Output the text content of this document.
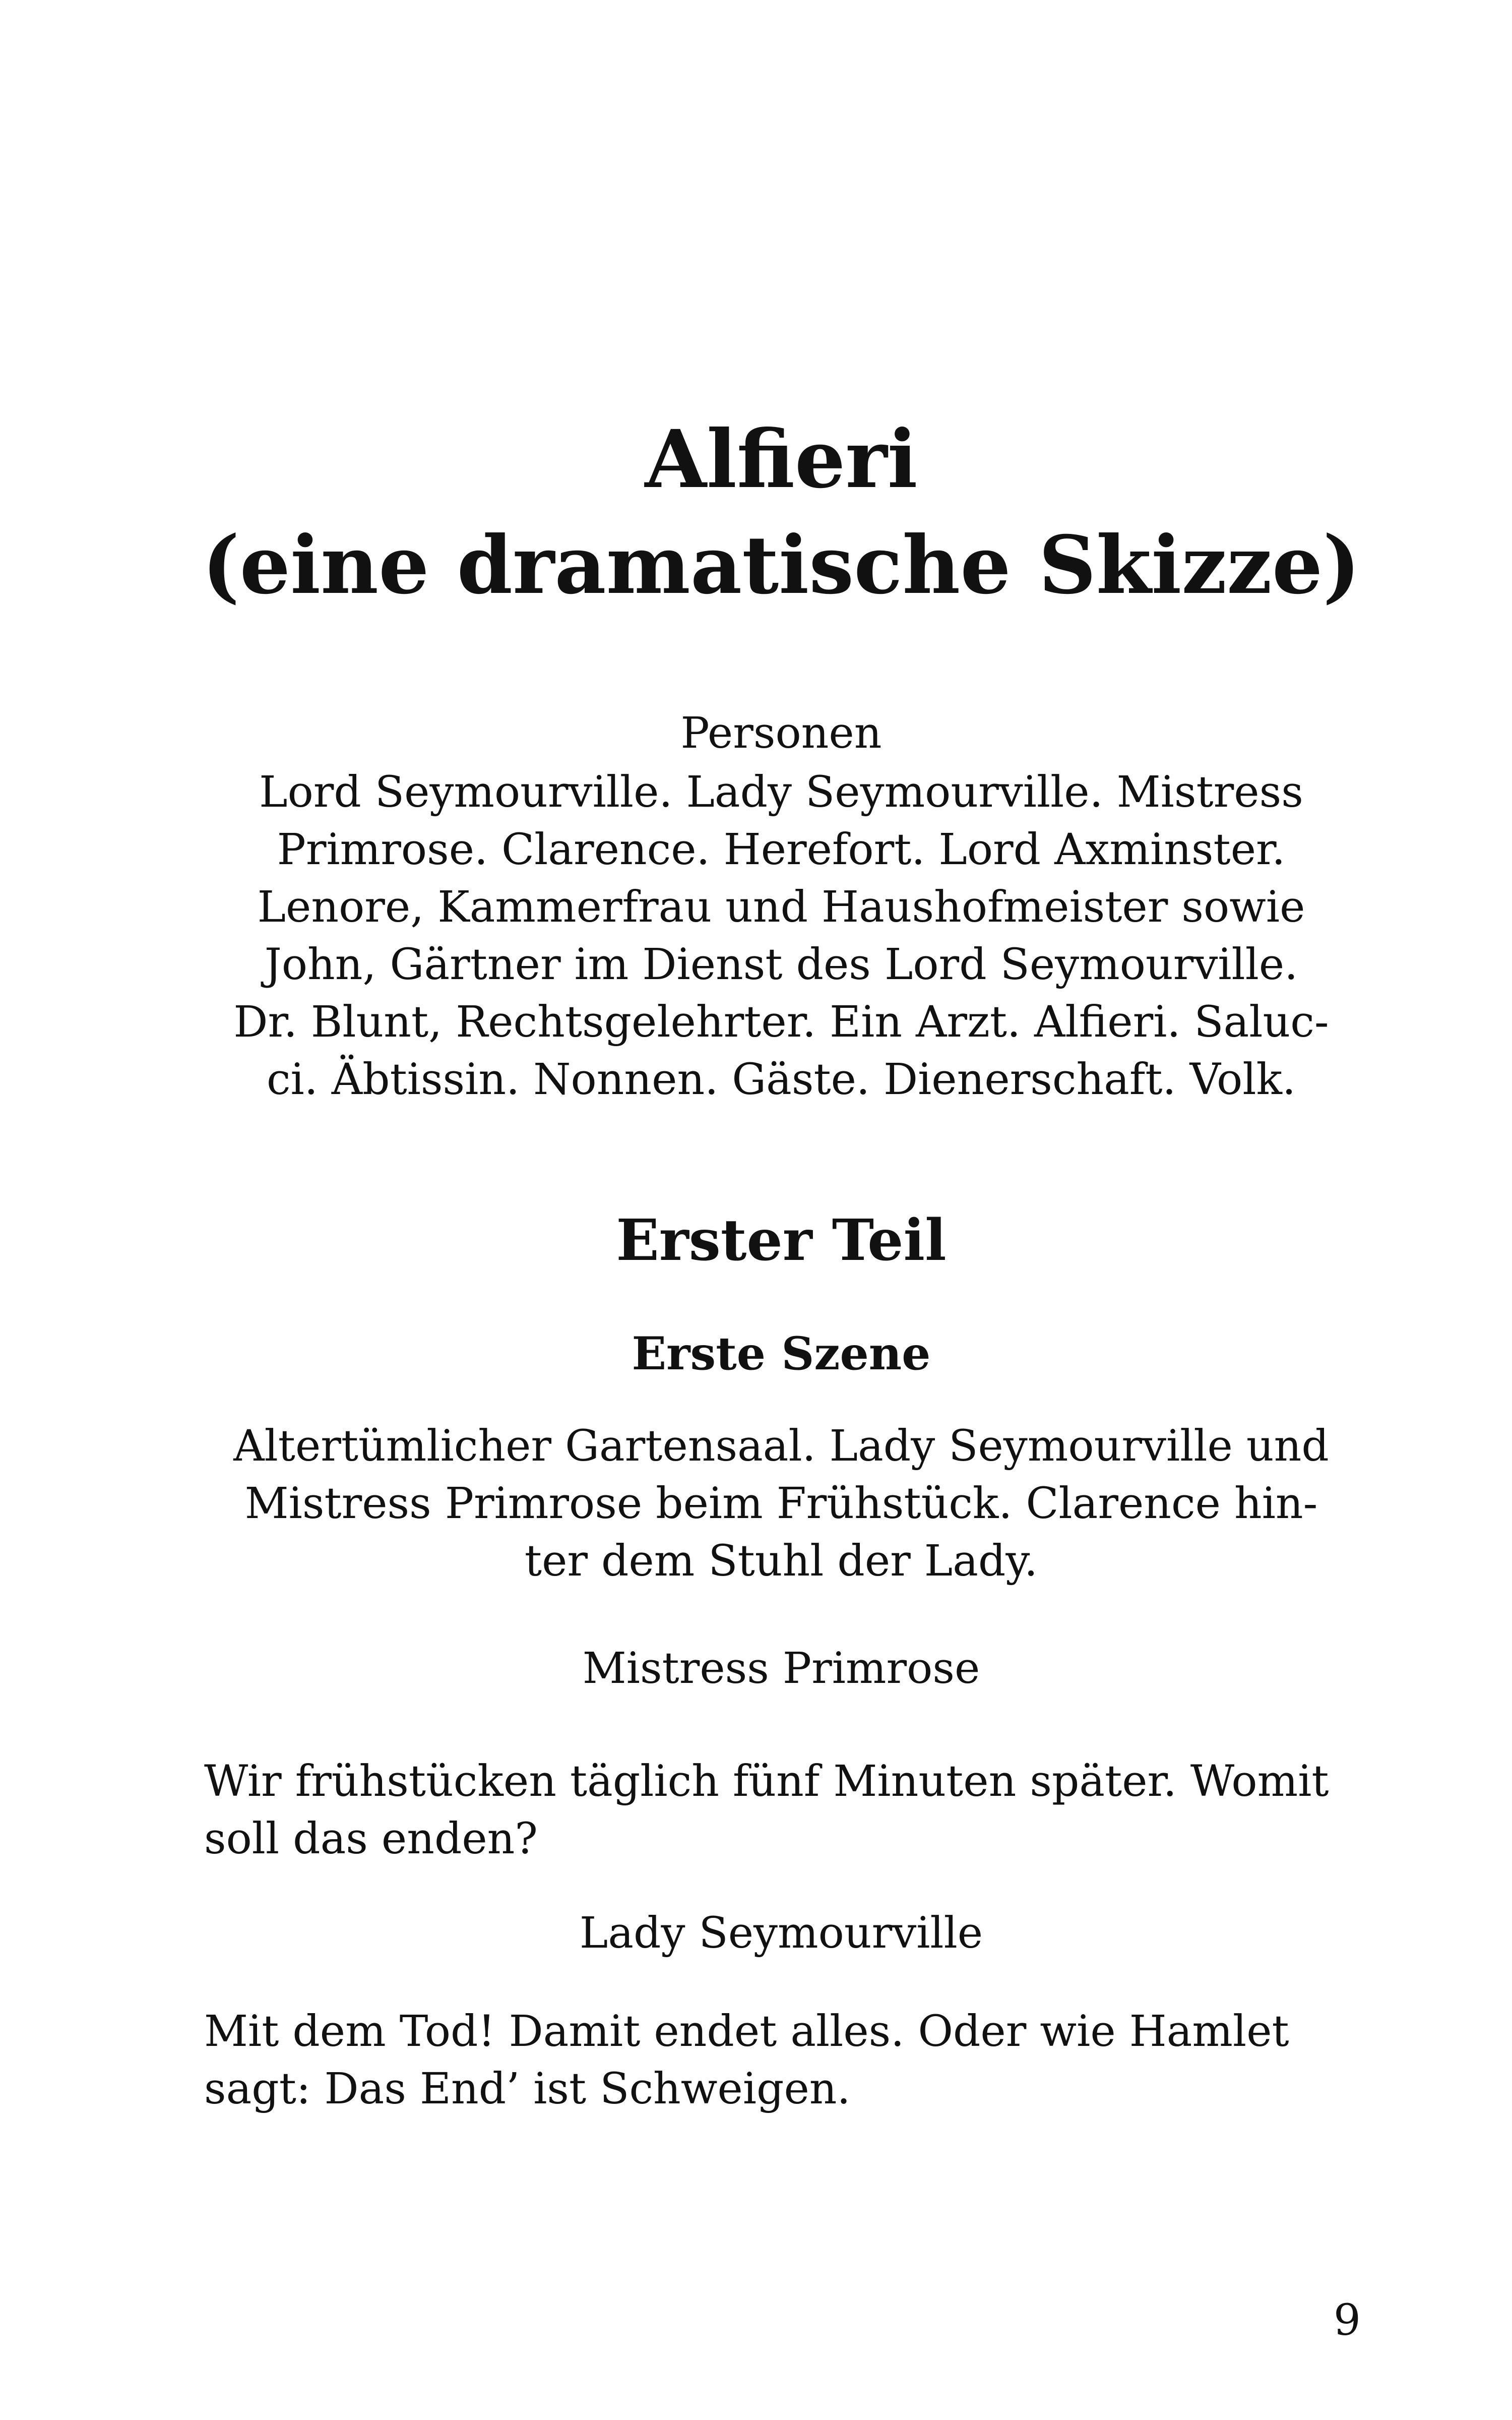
Alfieri
(eine dramatische Skizze)
Personen
Lord Seymourville. Lady Seymourville. Mistress
Primrose. Clarence. Herefort. Lord Axminster.
Lenore, Kammerfrau und Haushofmeister sowie
John, Gärtner im Dienst des Lord Seymourville.
Dr. Blunt, Rechtsgelehrter. Ein Arzt. Alfieri. Saluc-
ci. Äbtissin. Nonnen. Gäste. Dienerschaft. Volk.
Erster Teil
Erste Szene
Altertümlicher Gartensaal. Lady Seymourville und
Mistress Primrose beim Frühstück. Clarence hin-
ter dem Stuhl der Lady.
Mistress Primrose
Wir frühstücken täglich fünf Minuten später. Womit
soll das enden?
Lady Seymourville
Mit dem Tod! Damit endet alles. Oder wie Hamlet
sagt: Das End’ ist Schweigen.
9
